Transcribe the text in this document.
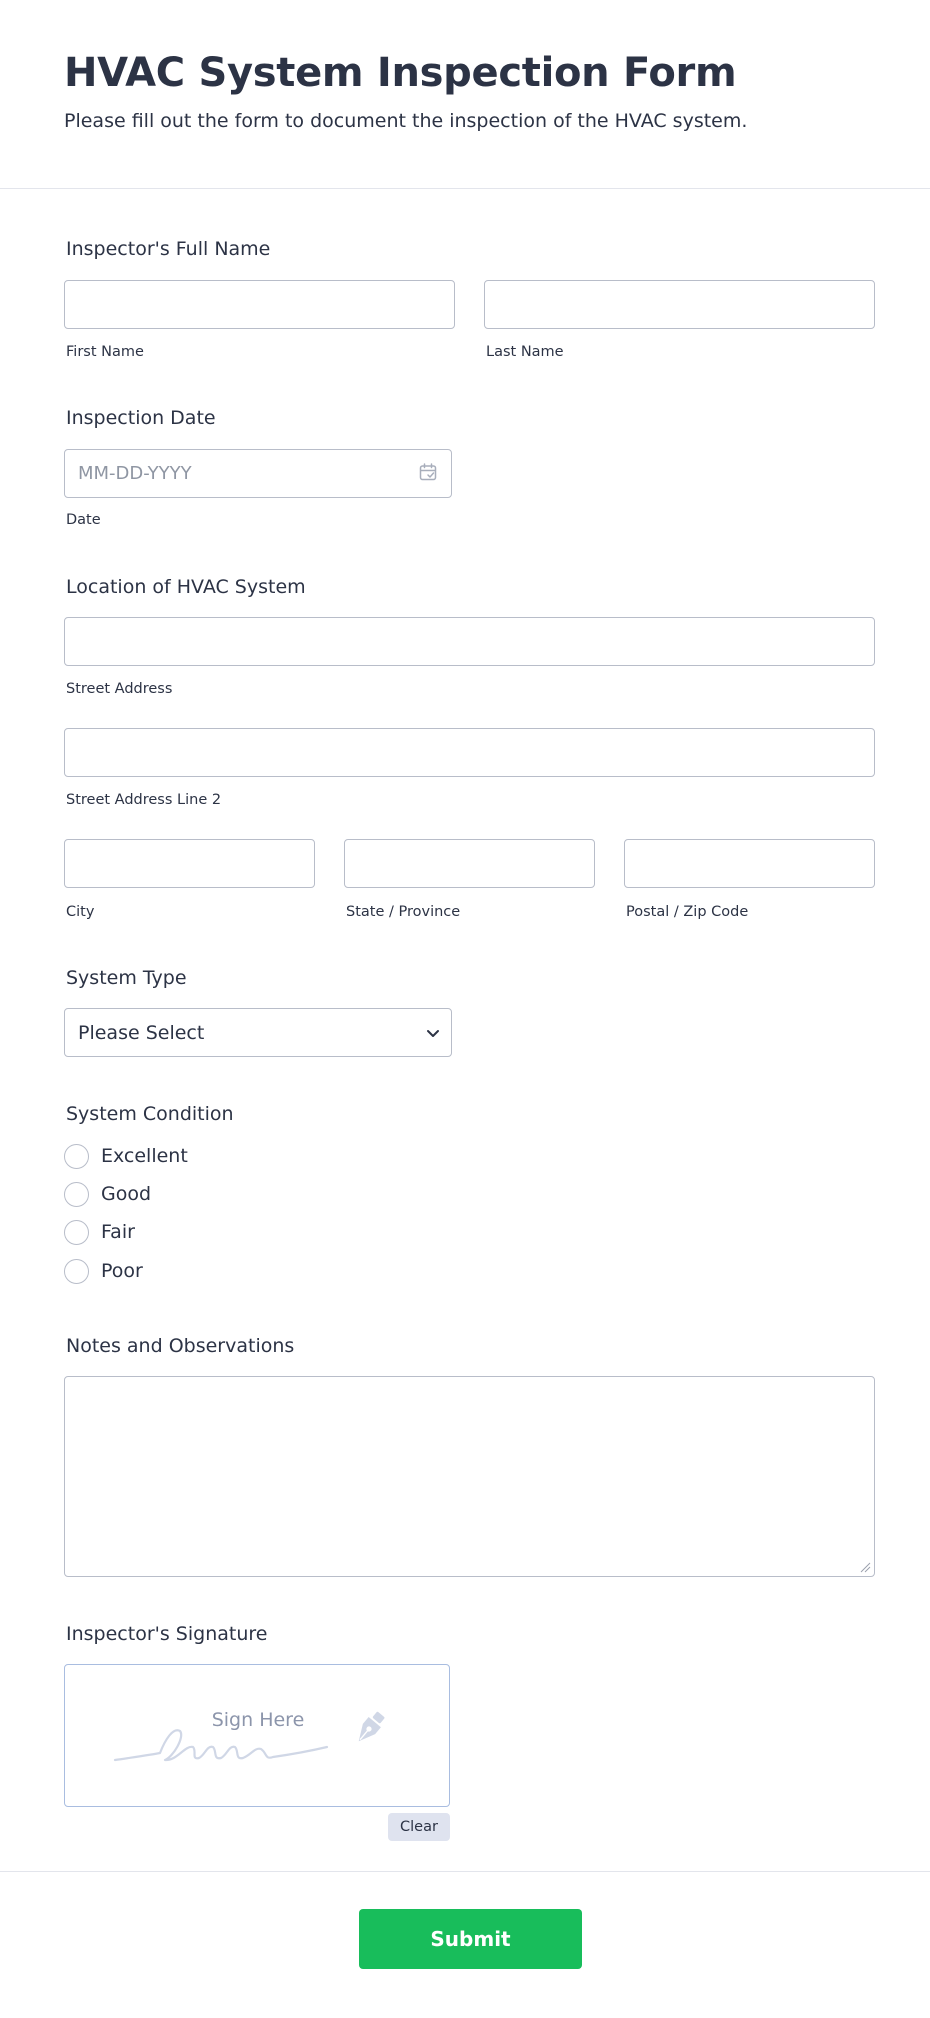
HVAC System Inspection Form
Please fill out the form to document the inspection of the HVAC system.
Inspector's Full Name
First Name	Last Name
Inspection Date
MM-DD-YYYY
Date
Location of HVAC System
Street Address
Street Address Line 2
City	State / Province	Postal / Zip Code
System Type
Please Select
System Condition
Excellent
Good
Fair
Poor
Notes and Observations
Inspector's Signature
Sign Here
Clear
Submit
